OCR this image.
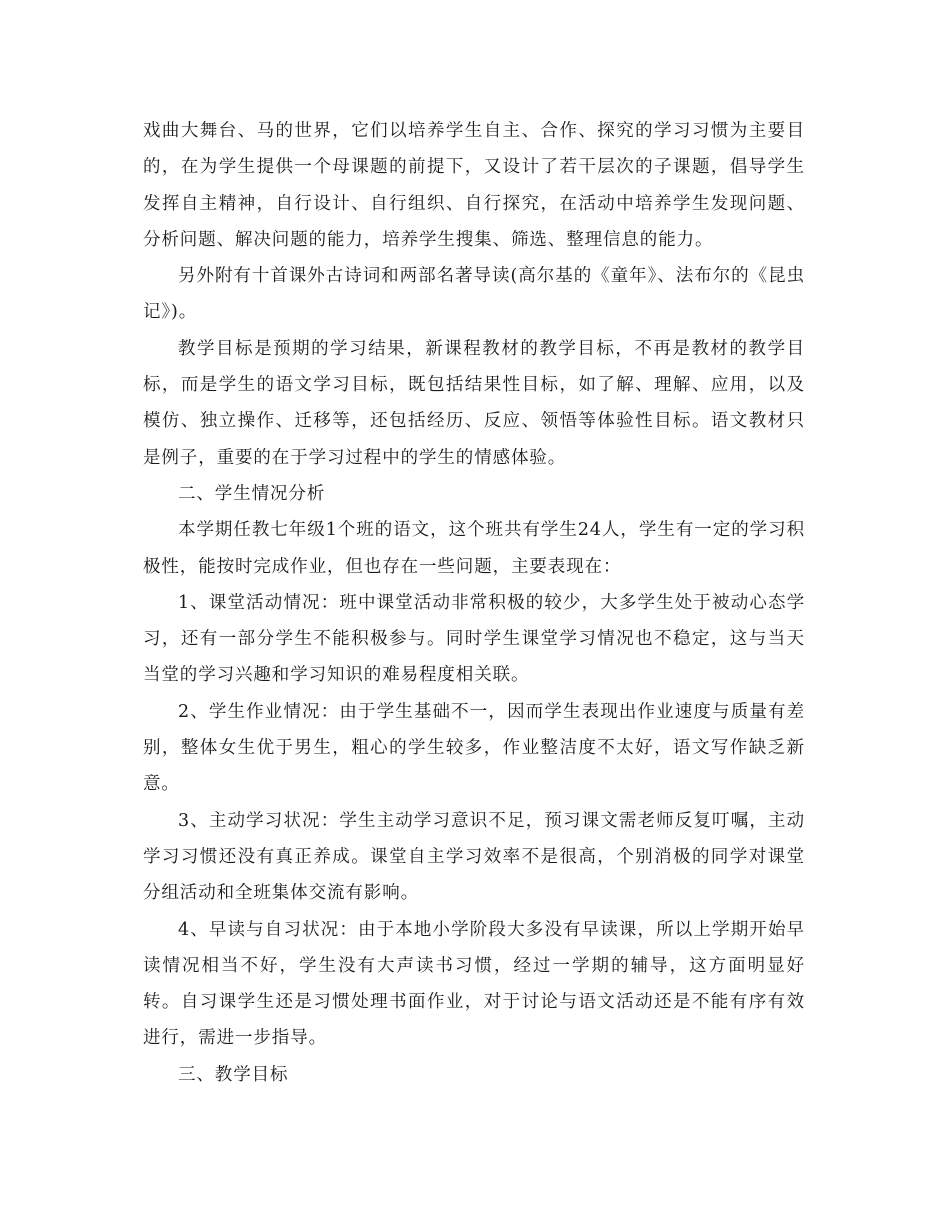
戏曲大舞台、马的世界，它们以培养学生自主、合作、探究的学习习惯为主要目的，在为学生提供一个母课题的前提下，又设计了若干层次的子课题，倡导学生发挥自主精神，自行设计、自行组织、自行探究，在活动中培养学生发现问题、分析问题、解决问题的能力，培养学生搜集、筛选、整理信息的能力。

另外附有十首课外古诗词和两部名著导读(高尔基的《童年》、法布尔的《昆虫记》)。

教学目标是预期的学习结果，新课程教材的教学目标，不再是教材的教学目标，而是学生的语文学习目标，既包括结果性目标，如了解、理解、应用，以及模仿、独立操作、迁移等，还包括经历、反应、领悟等体验性目标。语文教材只是例子，重要的在于学习过程中的学生的情感体验。

二、学生情况分析

本学期任教七年级1个班的语文，这个班共有学生24人，学生有一定的学习积极性，能按时完成作业，但也存在一些问题，主要表现在：

1、课堂活动情况：班中课堂活动非常积极的较少，大多学生处于被动心态学习，还有一部分学生不能积极参与。同时学生课堂学习情况也不稳定，这与当天当堂的学习兴趣和学习知识的难易程度相关联。

2、学生作业情况：由于学生基础不一，因而学生表现出作业速度与质量有差别，整体女生优于男生，粗心的学生较多，作业整洁度不太好，语文写作缺乏新意。

3、主动学习状况：学生主动学习意识不足，预习课文需老师反复叮嘱，主动学习习惯还没有真正养成。课堂自主学习效率不是很高，个别消极的同学对课堂分组活动和全班集体交流有影响。

4、早读与自习状况：由于本地小学阶段大多没有早读课，所以上学期开始早读情况相当不好，学生没有大声读书习惯，经过一学期的辅导，这方面明显好转。自习课学生还是习惯处理书面作业，对于讨论与语文活动还是不能有序有效进行，需进一步指导。

三、教学目标
